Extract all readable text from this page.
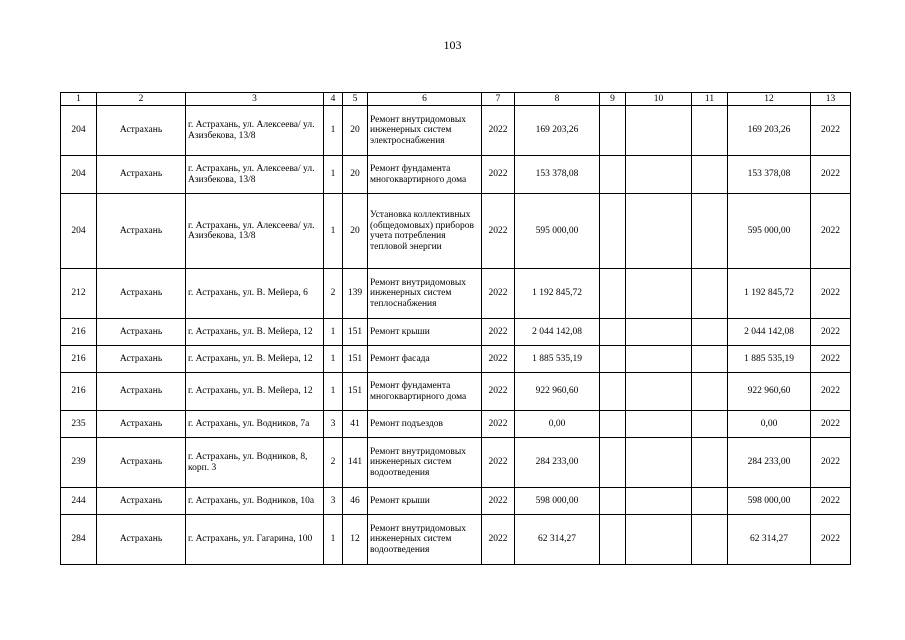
103
1	2	3	4	5	6	7	8	9	10	11	12	13
204	Астрахань	г. Астрахань, ул. Алексеева/ ул. Азизбекова, 13/8	1	20	Ремонт внутридомовых инженерных систем электроснабжения	2022	169 203,26				169 203,26	2022
204	Астрахань	г. Астрахань, ул. Алексеева/ ул. Азизбекова, 13/8	1	20	Ремонт фундамента многоквартирного дома	2022	153 378,08				153 378,08	2022
204	Астрахань	г. Астрахань, ул. Алексеева/ ул. Азизбекова, 13/8	1	20	Установка коллективных (общедомовых) приборов учета потребления тепловой энергии	2022	595 000,00				595 000,00	2022
212	Астрахань	г. Астрахань, ул. В. Мейера, 6	2	139	Ремонт внутридомовых инженерных систем теплоснабжения	2022	1 192 845,72				1 192 845,72	2022
216	Астрахань	г. Астрахань, ул. В. Мейера, 12	1	151	Ремонт крыши	2022	2 044 142,08				2 044 142,08	2022
216	Астрахань	г. Астрахань, ул. В. Мейера, 12	1	151	Ремонт фасада	2022	1 885 535,19				1 885 535,19	2022
216	Астрахань	г. Астрахань, ул. В. Мейера, 12	1	151	Ремонт фундамента многоквартирного дома	2022	922 960,60				922 960,60	2022
235	Астрахань	г. Астрахань, ул. Водников, 7а	3	41	Ремонт подъездов	2022	0,00				0,00	2022
239	Астрахань	г. Астрахань, ул. Водников, 8, корп. 3	2	141	Ремонт внутридомовых инженерных систем водоотведения	2022	284 233,00				284 233,00	2022
244	Астрахань	г. Астрахань, ул. Водников, 10а	3	46	Ремонт крыши	2022	598 000,00				598 000,00	2022
284	Астрахань	г. Астрахань, ул. Гагарина, 100	1	12	Ремонт внутридомовых инженерных систем водоотведения	2022	62 314,27				62 314,27	2022
